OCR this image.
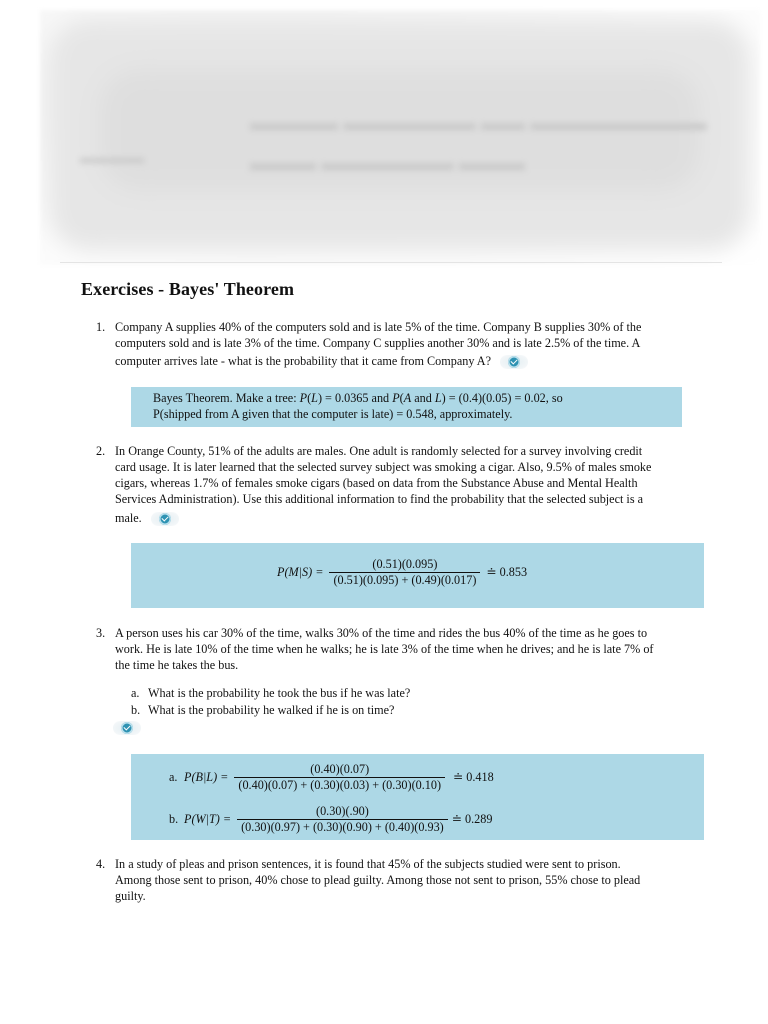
▬▬▬▬ ▬▬▬▬▬▬ ▬▬ ▬▬▬▬▬▬▬▬
▬▬▬ ▬▬▬▬▬▬ ▬▬▬
▬▬▬▬
Exercises - Bayes' Theorem
1. Company A supplies 40% of the computers sold and is late 5% of the time. Company B supplies 30% of the
computers sold and is late 3% of the time. Company C supplies another 30% and is late 2.5% of the time. A
computer arrives late - what is the probability that it came from Company A?
Bayes Theorem. Make a tree: P(L) = 0.0365 and P(A and L) = (0.4)(0.05) = 0.02, so
P(shipped from A given that the computer is late) = 0.548, approximately.
2. In Orange County, 51% of the adults are males. One adult is randomly selected for a survey involving credit
card usage. It is later learned that the selected survey subject was smoking a cigar. Also, 9.5% of males smoke
cigars, whereas 1.7% of females smoke cigars (based on data from the Substance Abuse and Mental Health
Services Administration). Use this additional information to find the probability that the selected subject is a
male.
$P(M|S) = \frac{(0.51)(0.095)}{(0.51)(0.095) + (0.49)(0.017)}$ ≐ 0.853
3. A person uses his car 30% of the time, walks 30% of the time and rides the bus 40% of the time as he goes to
work. He is late 10% of the time when he walks; he is late 3% of the time when he drives; and he is late 7% of
the time he takes the bus.
a. What is the probability he took the bus if he was late?
b. What is the probability he walked if he is on time?
a. $P(B|L) = \frac{(0.40)(0.07)}{(0.40)(0.07) + (0.30)(0.03) + (0.30)(0.10)}$ ≐ 0.418
b. $P(W|T) = \frac{(0.30)(.90)}{(0.30)(0.97) + (0.30)(0.90) + (0.40)(0.93)}$ ≐ 0.289
4. In a study of pleas and prison sentences, it is found that 45% of the subjects studied were sent to prison.
Among those sent to prison, 40% chose to plead guilty. Among those not sent to prison, 55% chose to plead
guilty.
